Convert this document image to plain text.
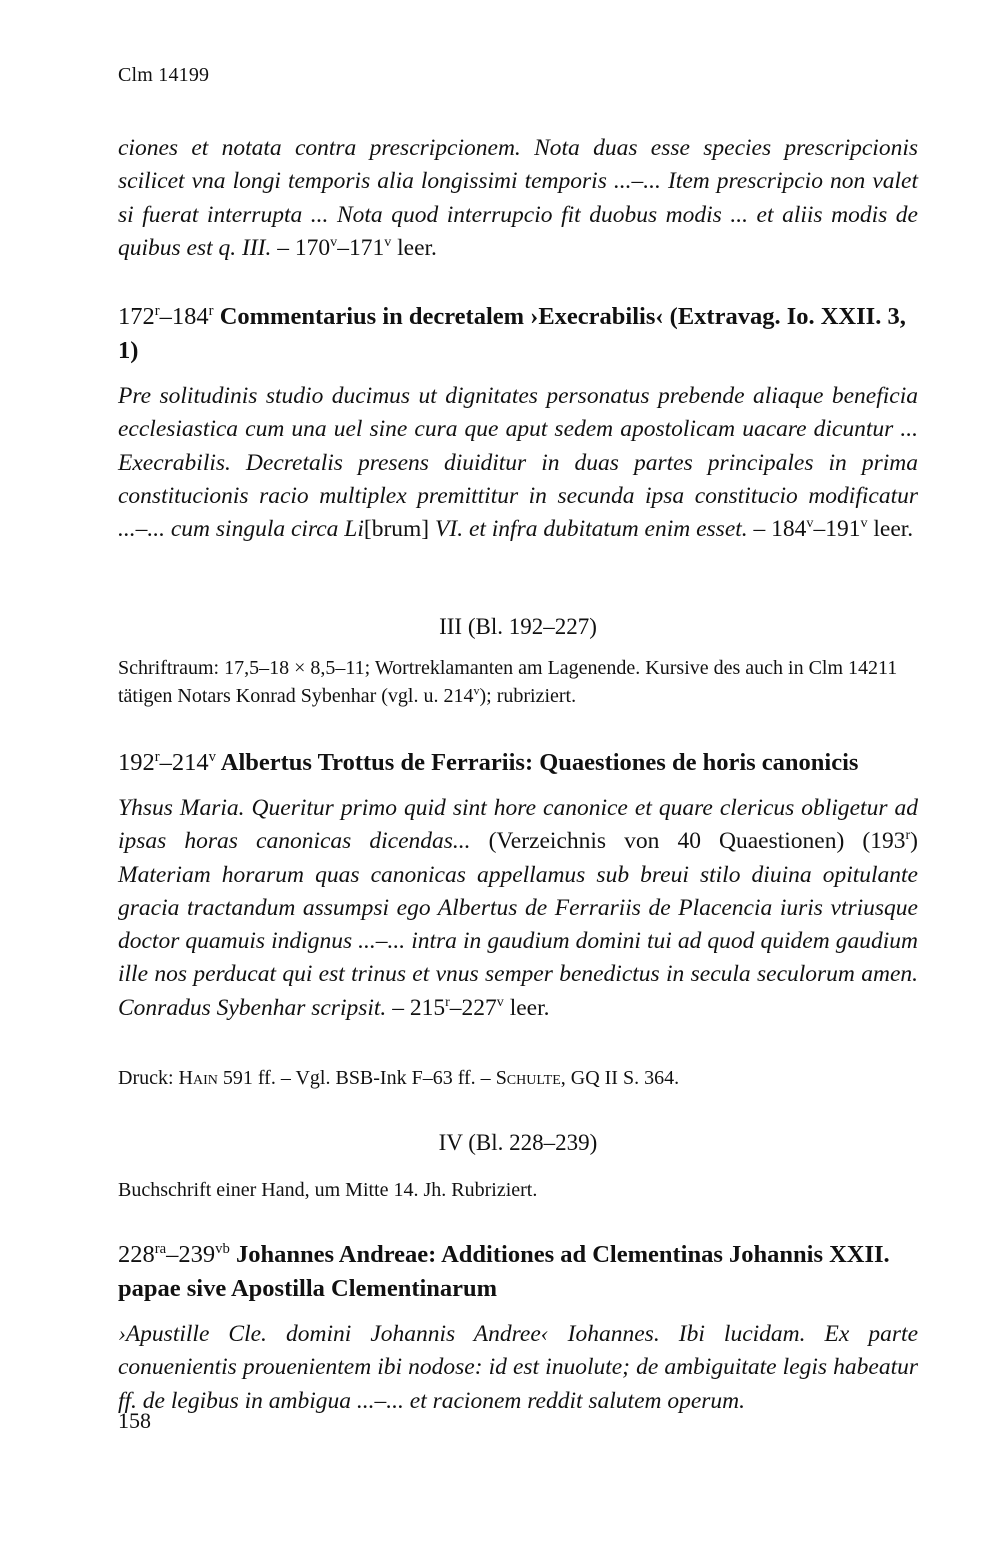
Clm 14199
ciones et notata contra prescripcionem. Nota duas esse species prescripcionis scilicet vna longi temporis alia longissimi temporis ...–... Item prescripcio non valet si fuerat interrupta ... Nota quod interrupcio fit duobus modis ... et aliis modis de quibus est q. III. – 170$^v$–171$^v$ leer.
172$^r$–184$^r$ Commentarius in decretalem ›Execrabilis‹ (Extravag. Io. XXII. 3, 1)
Pre solitudinis studio ducimus ut dignitates personatus prebende aliaque beneficia ecclesiastica cum una uel sine cura que aput sedem apostolicam uacare dicuntur ... Execrabilis. Decretalis presens diuiditur in duas partes principales in prima constitucionis racio multiplex premittitur in secunda ipsa constitucio modificatur ...–... cum singula circa Li[brum] VI. et infra dubitatum enim esset. – 184$^v$–191$^v$ leer.
III (Bl. 192–227)
Schriftraum: 17,5–18 × 8,5–11; Wortreklamanten am Lagenende. Kursive des auch in Clm 14211 tätigen Notars Konrad Sybenhar (vgl. u. 214$^v$); rubriziert.
192$^r$–214$^v$ Albertus Trottus de Ferrariis: Quaestiones de horis canonicis
Yhsus Maria. Queritur primo quid sint hore canonice et quare clericus obligetur ad ipsas horas canonicas dicendas... (Verzeichnis von 40 Quaestionen) (193$^r$) Materiam horarum quas canonicas appellamus sub breui stilo diuina opitulante gracia tractandum assumpsi ego Albertus de Ferrariis de Placencia iuris vtriusque doctor quamuis indignus ...–... intra in gaudium domini tui ad quod quidem gaudium ille nos perducat qui est trinus et vnus semper benedictus in secula seculorum amen. Conradus Sybenhar scripsit. – 215$^r$–227$^v$ leer.
Druck: Hain 591 ff. – Vgl. BSB-Ink F–63 ff. – Schulte, GQ II S. 364.
IV (Bl. 228–239)
Buchschrift einer Hand, um Mitte 14. Jh. Rubriziert.
$228^{ra}-239^{vb}$ Johannes Andreae: Additiones ad Clementinas Johannis XXII. papae sive Apostilla Clementinarum
›Apustille Cle. domini Johannis Andree‹ Iohannes. Ibi lucidam. Ex parte conuenientis prouenientem ibi nodose: id est inuolute; de ambiguitate legis habeatur ff. de legibus in ambigua ...–... et racionem reddit salutem operum.
158
